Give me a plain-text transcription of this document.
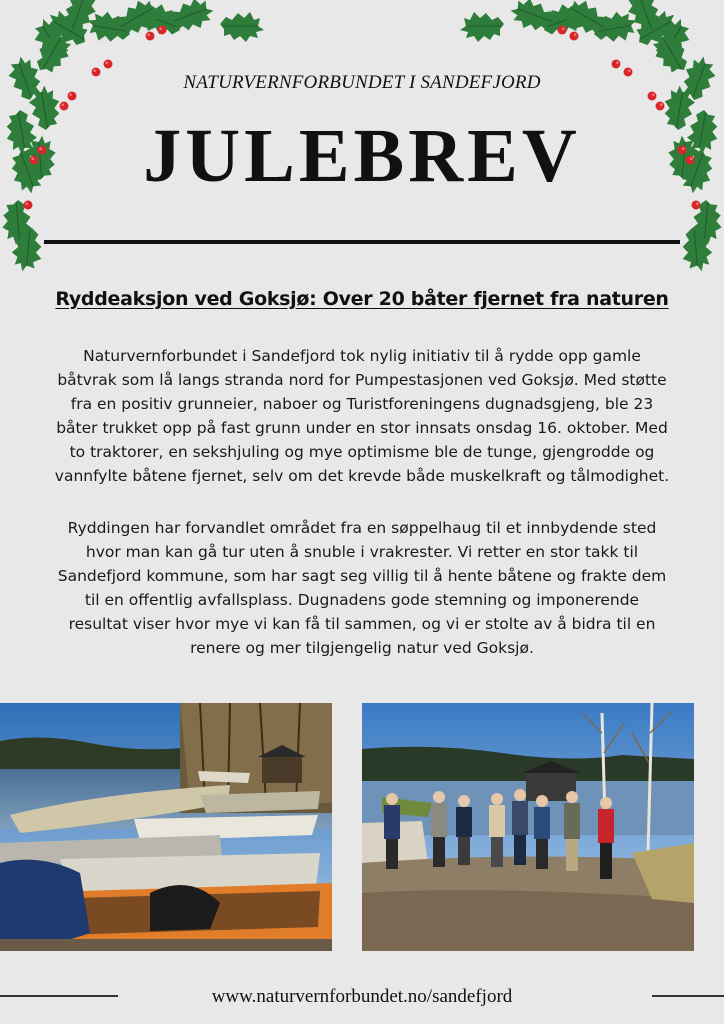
NATURVERNFORBUNDET I SANDEFJORD
JULEBREV
Ryddeaksjon ved Goksjø: Over 20 båter fjernet fra naturen
Naturvernforbundet i Sandefjord tok nylig initiativ til å rydde opp gamle
båtvrak som lå langs stranda nord for Pumpestasjonen ved Goksjø. Med støtte
fra en positiv grunneier, naboer og Turistforeningens dugnadsgjeng, ble 23
båter trukket opp på fast grunn under en stor innsats onsdag 16. oktober. Med
to traktorer, en sekshjuling og mye optimisme ble de tunge, gjengrodde og
vannfylte båtene fjernet, selv om det krevde både muskelkraft og tålmodighet.
Ryddingen har forvandlet området fra en søppelhaug til et innbydende sted
hvor man kan gå tur uten å snuble i vrakrester. Vi retter en stor takk til
Sandefjord kommune, som har sagt seg villig til å hente båtene og frakte dem
til en offentlig avfallsplass. Dugnadens gode stemning og imponerende
resultat viser hvor mye vi kan få til sammen, og vi er stolte av å bidra til en
renere og mer tilgjengelig natur ved Goksjø.
www.naturvernforbundet.no/sandefjord
